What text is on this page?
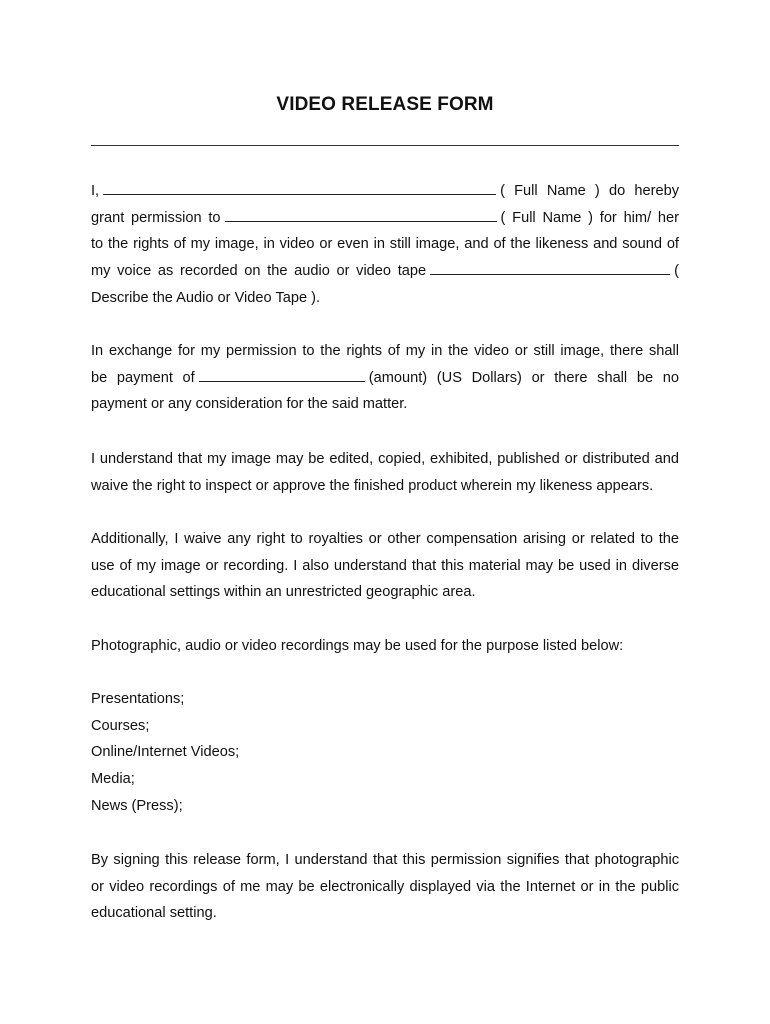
VIDEO RELEASE FORM
I,	( Full Name ) do hereby
grant permission to	( Full Name ) for him/ her
to the rights of my image, in video or even in still image, and of the likeness and sound of
my voice as recorded on the audio or video tape	(
Describe the Audio or Video Tape ).
In exchange for my permission to the rights of my in the video or still image, there shall
be payment of	(amount) (US Dollars) or there shall be no
payment or any consideration for the said matter.
I understand that my image may be edited, copied, exhibited, published or distributed and
waive the right to inspect or approve the finished product wherein my likeness appears.
Additionally, I waive any right to royalties or other compensation arising or related to the
use of my image or recording. I also understand that this material may be used in diverse
educational settings within an unrestricted geographic area.
Photographic, audio or video recordings may be used for the purpose listed below:
Presentations;
Courses;
Online/Internet Videos;
Media;
News (Press);
By signing this release form, I understand that this permission signifies that photographic
or video recordings of me may be electronically displayed via the Internet or in the public
educational setting.
